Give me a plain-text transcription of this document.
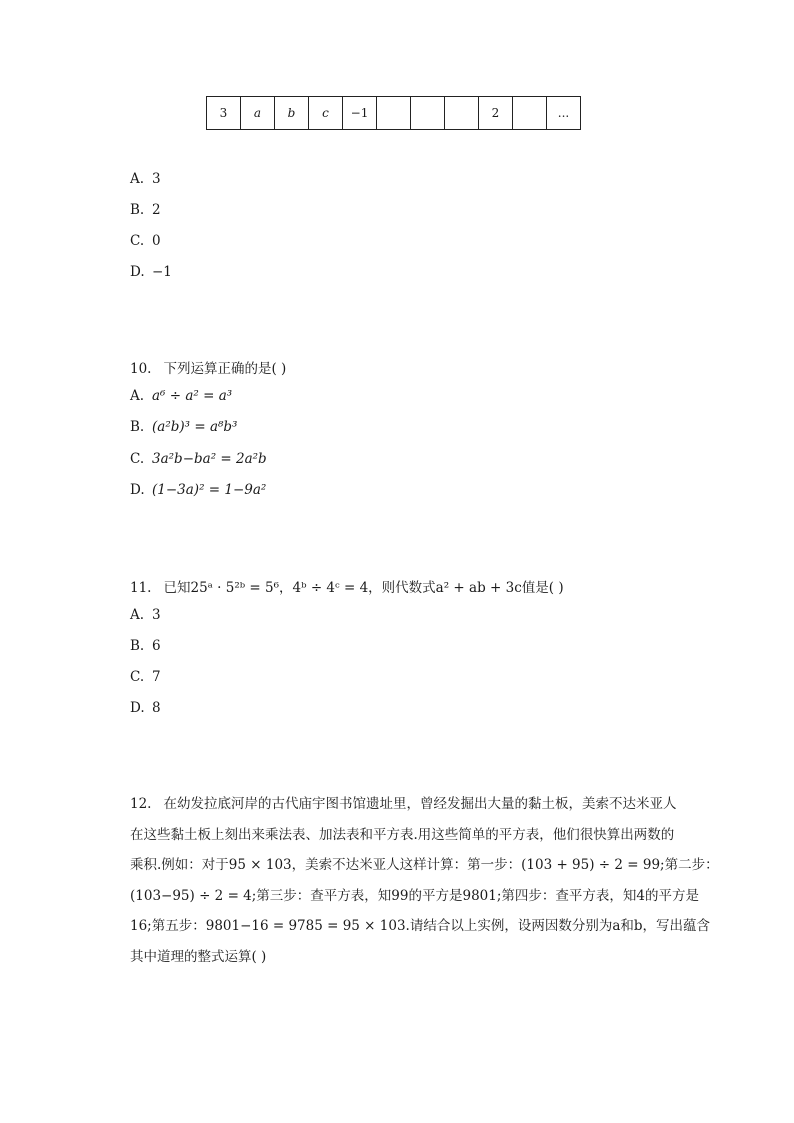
3	a	b	c	−1				2		...
A. 3
B. 2
C. 0
D. −1
10. 下列运算正确的是( )
A. a⁶ ÷ a² = a³
B. (a²b)³ = a⁸b³
C. 3a²b−ba² = 2a²b
D. (1−3a)² = 1−9a²
11. 已知25ᵃ · 5²ᵇ = 5⁶，4ᵇ ÷ 4ᶜ = 4，则代数式a² + ab + 3c值是( )
A. 3
B. 6
C. 7
D. 8
12. 在幼发拉底河岸的古代庙宇图书馆遗址里，曾经发掘出大量的黏土板，美索不达米亚人
在这些黏土板上刻出来乘法表、加法表和平方表.用这些简单的平方表，他们很快算出两数的
乘积.例如：对于95 × 103，美索不达米亚人这样计算：第一步：(103 + 95) ÷ 2 = 99;第二步：
(103−95) ÷ 2 = 4;第三步：查平方表，知99的平方是9801;第四步：查平方表，知4的平方是
16;第五步：9801−16 = 9785 = 95 × 103.请结合以上实例，设两因数分别为a和b，写出蕴含
其中道理的整式运算( )
